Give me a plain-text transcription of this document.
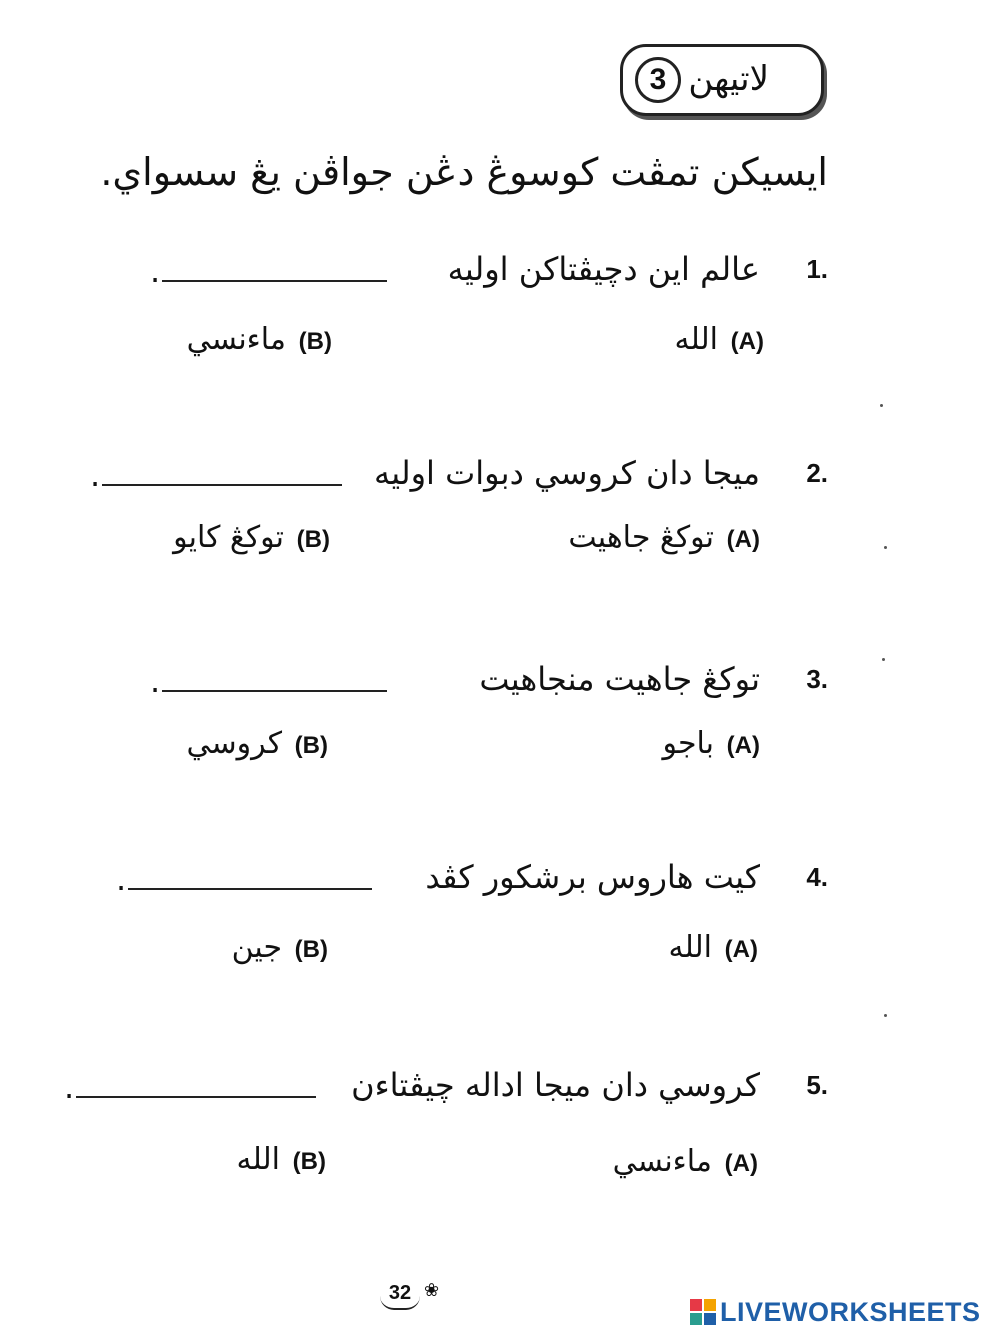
لاتيهن
3
ايسيكن تمڤت كوسوڠ دڠن جواڤن يڠ سسواي.
1.
عالم اين دچيڤتاكن اوليه
.
(A)
الله
(B)
ماءنسي
2.
ميجا دان كروسي دبوات اوليه
.
(A)
توكڠ جاهيت
(B)
توكڠ كايو
3.
توكڠ جاهيت منجاهيت
.
(A)
باجو
(B)
كروسي
4.
كيت هاروس برشكور كڤد
.
(A)
الله
(B)
جين
5.
كروسي دان ميجا اداله چيڤتاءن
.
(A)
ماءنسي
(B)
الله
32 ❀
LIVEWORKSHEETS
